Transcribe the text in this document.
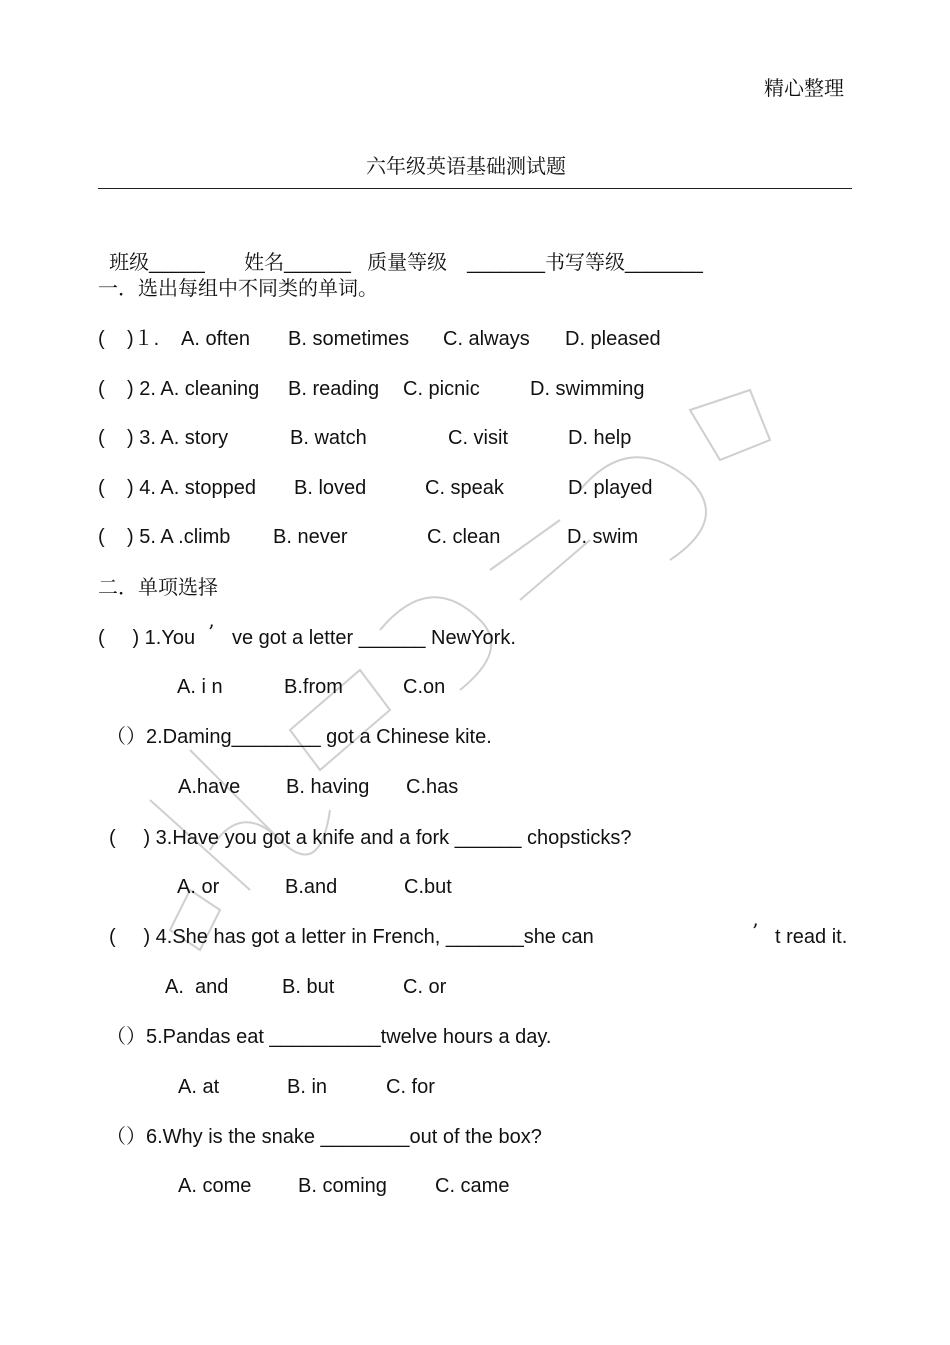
精心整理
六年级英语基础测试题

班级_____	姓名______ 质量等级	_______书写等级_______

一．选出每组中不同类的单词。
( )１. A. often B. sometimes C. always D. pleased
( ) 2. A. cleaning B. reading C. picnic	D. swimming
( ) 3. A. story	B. watch	C. visit	D. help
( ) 4. A. stopped B. loved	C. speak	D. played
( ) 5. A .climb B. never	C. clean	D. swim
二．单项选择
(     ) 1.You ’ ve got a letter ______ NewYork.
A. i n	B.from	C.on
（）2.Daming________ got a Chinese kite.
A.have B. having C.has
(     ) 3.Have you got a knife and a fork ______ chopsticks?
A. or	B.and	C.but
(     ) 4.She has got a letter in French, _______she can	’ t read it.
A.  and	B. but	C. or
（）5.Pandas eat __________twelve hours a day.
A. at	B. in	C. for
（）6.Why is the snake ________out of the box?
A. come B. coming C. came
